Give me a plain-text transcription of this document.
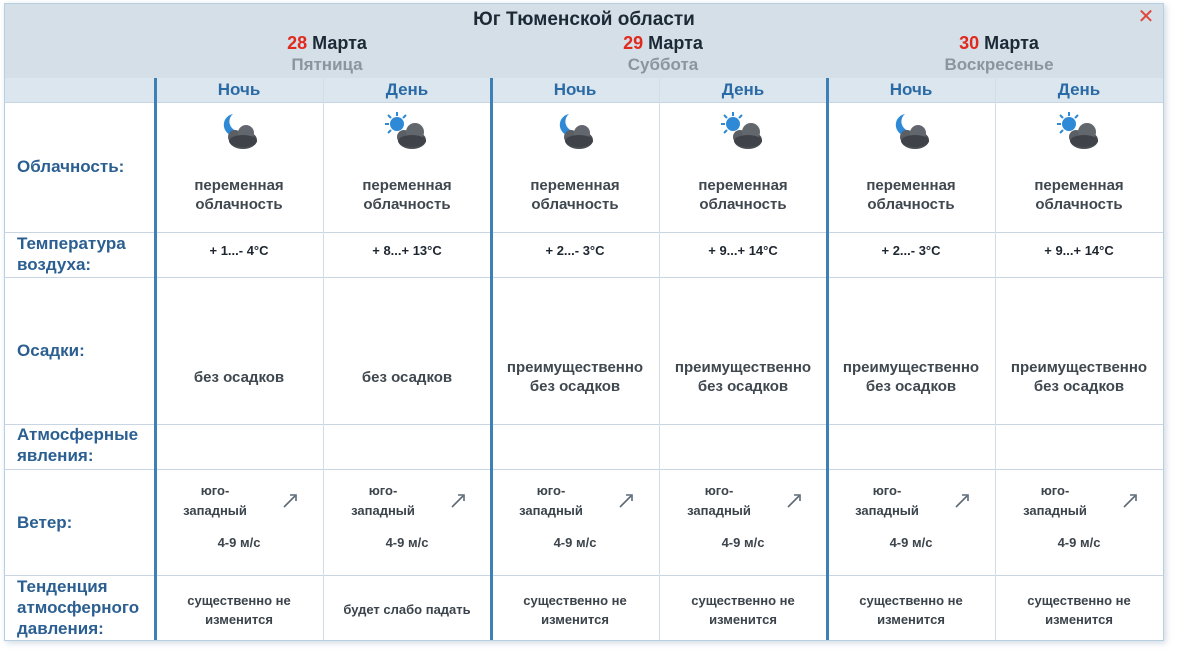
Юг Тюменской области	✕
28 Марта
Пятница
29 Марта
Суббота
30 Марта
Воскресенье
Облачность:
Температура
воздуха:
Осадки:
Атмосферные
явления:
Ветер:
Тенденция
атмосферного
давления:
Ночь
переменная
облачность
+ 1...- 4°C
без осадков
юго-
западный
4-9 м/с
существенно не
изменится
День
переменная
облачность
+ 8...+ 13°C
без осадков
юго-
западный
4-9 м/с
будет слабо падать
Ночь
переменная
облачность
+ 2...- 3°C
преимущественно
без осадков
юго-
западный
4-9 м/с
существенно не
изменится
День
переменная
облачность
+ 9...+ 14°C
преимущественно
без осадков
юго-
западный
4-9 м/с
существенно не
изменится
Ночь
переменная
облачность
+ 2...- 3°C
преимущественно
без осадков
юго-
западный
4-9 м/с
существенно не
изменится
День
переменная
облачность
+ 9...+ 14°C
преимущественно
без осадков
юго-
западный
4-9 м/с
существенно не
изменится
